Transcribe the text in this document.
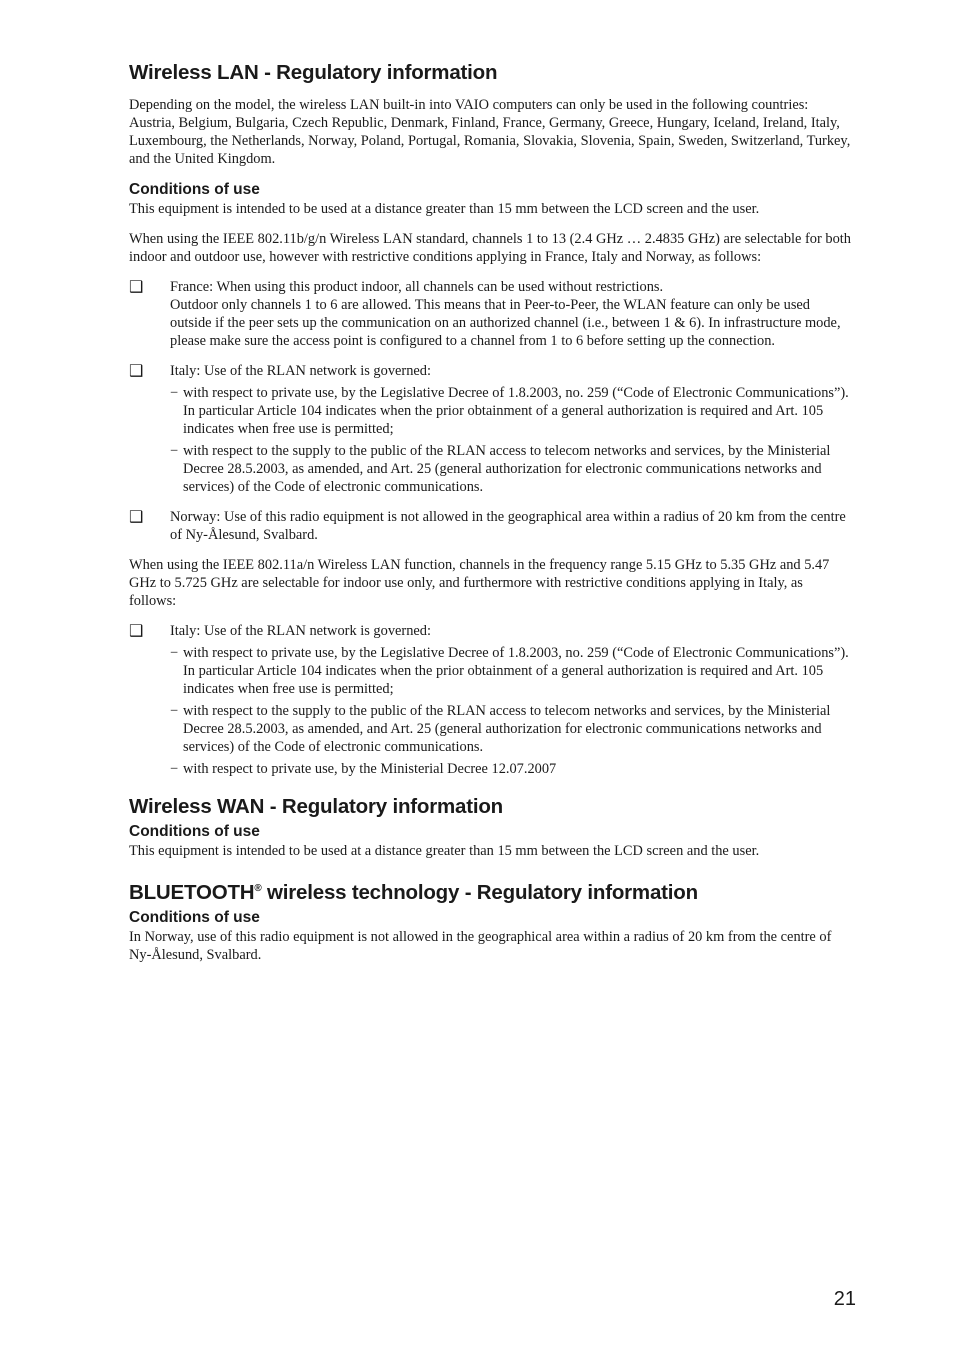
Wireless LAN - Regulatory information

Depending on the model, the wireless LAN built-in into VAIO computers can only be used in the following countries: Austria, Belgium, Bulgaria, Czech Republic, Denmark, Finland, France, Germany, Greece, Hungary, Iceland, Ireland, Italy, Luxembourg, the Netherlands, Norway, Poland, Portugal, Romania, Slovakia, Slovenia, Spain, Sweden, Switzerland, Turkey, and the United Kingdom.

Conditions of use

This equipment is intended to be used at a distance greater than 15 mm between the LCD screen and the user.

When using the IEEE 802.11b/g/n Wireless LAN standard, channels 1 to 13 (2.4 GHz … 2.4835 GHz) are selectable for both indoor and outdoor use, however with restrictive conditions applying in France, Italy and Norway, as follows:

❑	France: When using this product indoor, all channels can be used without restrictions.
Outdoor only channels 1 to 6 are allowed. This means that in Peer-to-Peer, the WLAN feature can only be used outside if the peer sets up the communication on an authorized channel (i.e., between 1 & 6). In infrastructure mode, please make sure the access point is configured to a channel from 1 to 6 before setting up the connection.
❑	Italy: Use of the RLAN network is governed:
− with respect to private use, by the Legislative Decree of 1.8.2003, no. 259 (“Code of Electronic Communications”). In particular Article 104 indicates when the prior obtainment of a general authorization is required and Art. 105 indicates when free use is permitted;
− with respect to the supply to the public of the RLAN access to telecom networks and services, by the Ministerial Decree 28.5.2003, as amended, and Art. 25 (general authorization for electronic communications networks and services) of the Code of electronic communications.
❑	Norway: Use of this radio equipment is not allowed in the geographical area within a radius of 20 km from the centre of Ny-Ålesund, Svalbard.

When using the IEEE 802.11a/n Wireless LAN function, channels in the frequency range 5.15 GHz to 5.35 GHz and 5.47 GHz to 5.725 GHz are selectable for indoor use only, and furthermore with restrictive conditions applying in Italy, as follows:

❑	Italy: Use of the RLAN network is governed:
− with respect to private use, by the Legislative Decree of 1.8.2003, no. 259 (“Code of Electronic Communications”). In particular Article 104 indicates when the prior obtainment of a general authorization is required and Art. 105 indicates when free use is permitted;
− with respect to the supply to the public of the RLAN access to telecom networks and services, by the Ministerial Decree 28.5.2003, as amended, and Art. 25 (general authorization for electronic communications networks and services) of the Code of electronic communications.
− with respect to private use, by the Ministerial Decree 12.07.2007
Wireless WAN - Regulatory information
Conditions of use

This equipment is intended to be used at a distance greater than 15 mm between the LCD screen and the user.

BLUETOOTH® wireless technology - Regulatory information
Conditions of use

In Norway, use of this radio equipment is not allowed in the geographical area within a radius of 20 km from the centre of Ny-Ålesund, Svalbard.

21
